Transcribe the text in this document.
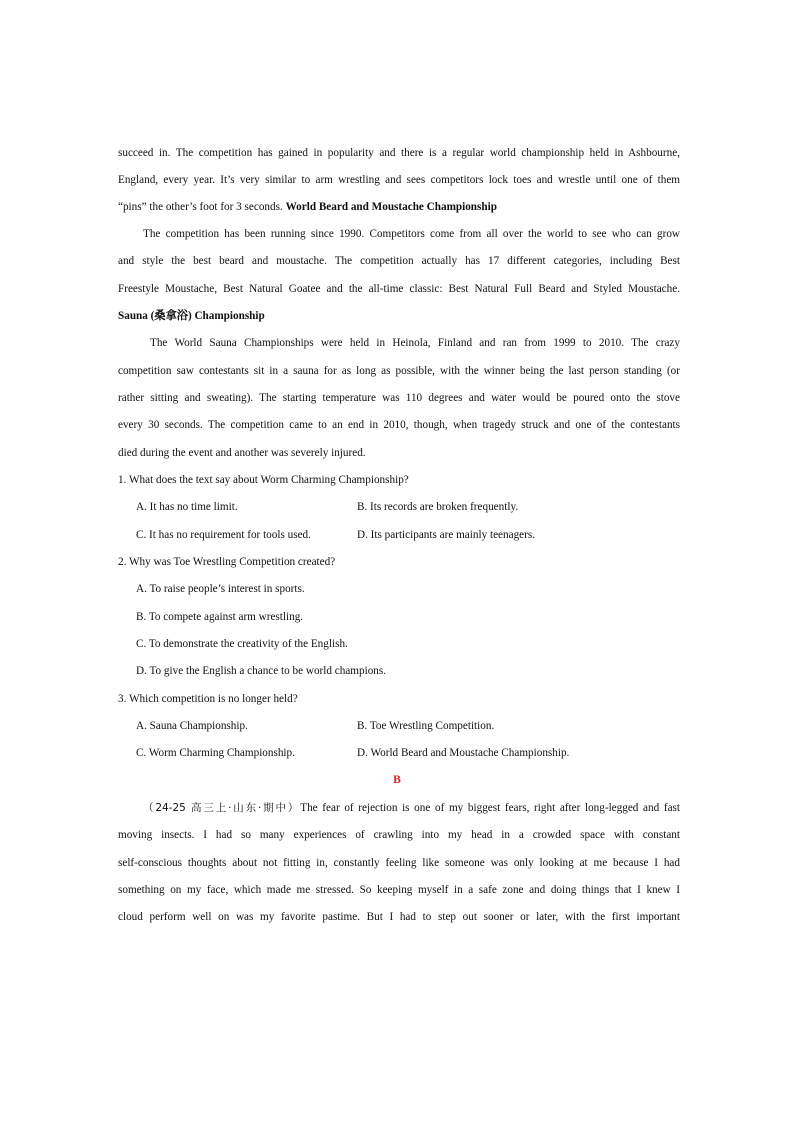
succeed in. The competition has gained in popularity and there is a regular world championship held in Ashbourne,
England, every year. It’s very similar to arm wrestling and sees competitors lock toes and wrestle until one of them
“pins” the other’s foot for 3 seconds. World Beard and Moustache Championship
The competition has been running since 1990. Competitors come from all over the world to see who can grow
and style the best beard and moustache. The competition actually has 17 different categories, including Best
Freestyle Moustache, Best Natural Goatee and the all-time classic: Best Natural Full Beard and Styled Moustache.
Sauna (桑拿浴) Championship
The World Sauna Championships were held in Heinola, Finland and ran from 1999 to 2010. The crazy
competition saw contestants sit in a sauna for as long as possible, with the winner being the last person standing (or
rather sitting and sweating). The starting temperature was 110 degrees and water would be poured onto the stove
every 30 seconds. The competition came to an end in 2010, though, when tragedy struck and one of the contestants
died during the event and another was severely injured.
1. What does the text say about Worm Charming Championship?
A. It has no time limit.	B. Its records are broken frequently.
C. It has no requirement for tools used.	D. Its participants are mainly teenagers.
2. Why was Toe Wrestling Competition created?
A. To raise people’s interest in sports.
B. To compete against arm wrestling.
C. To demonstrate the creativity of the English.
D. To give the English a chance to be world champions.
3. Which competition is no longer held?
A. Sauna Championship.	B. Toe Wrestling Competition.
C. Worm Charming Championship.	D. World Beard and Moustache Championship.
B
（24-25 高三上·山东·期中）The fear of rejection is one of my biggest fears, right after long-legged and fast
moving insects. I had so many experiences of crawling into my head in a crowded space with constant
self-conscious thoughts about not fitting in, constantly feeling like someone was only looking at me because I had
something on my face, which made me stressed. So keeping myself in a safe zone and doing things that I knew I
cloud perform well on was my favorite pastime. But I had to step out sooner or later, with the first important
